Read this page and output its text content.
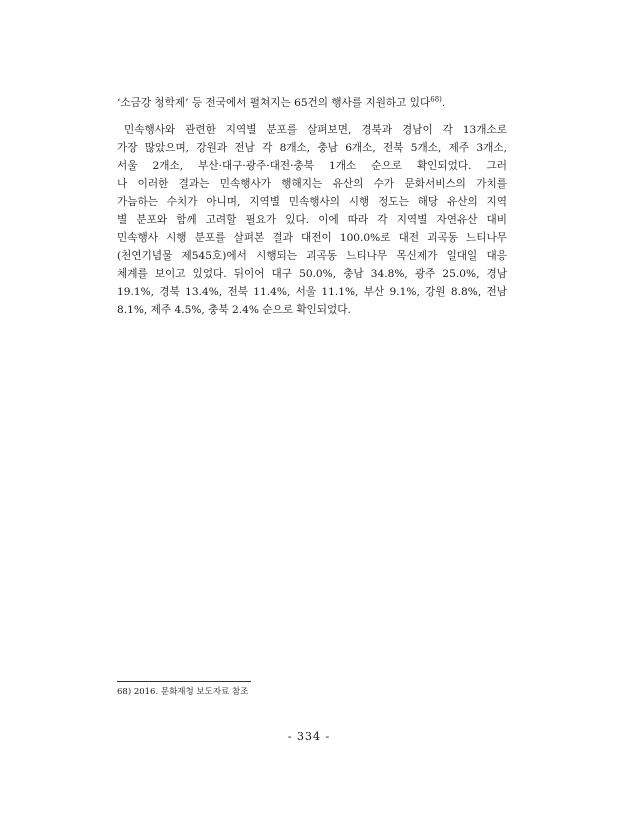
‘소금강 청학제’ 등 전국에서 펼쳐지는 65건의 행사를 지원하고 있다$^{68)}$.
민속행사와 관련한 지역별 분포를 살펴보면, 경북과 경남이 각 13개소로
가장 많았으며, 강원과 전남 각 8개소, 충남 6개소, 전북 5개소, 제주 3개소,
서울 2개소, 부산·대구·광주·대전·충북 1개소 순으로 확인되었다. 그러
나 이러한 결과는 민속행사가 행해지는 유산의 수가 문화서비스의 가치를
가늠하는 수치가 아니며, 지역별 민속행사의 시행 정도는 해당 유산의 지역
별 분포와 함께 고려할 필요가 있다. 이에 따라 각 지역별 자연유산 대비
민속행사 시행 분포를 살펴본 결과 대전이 100.0%로 대전 괴곡동 느티나무
(천연기념물 제545호)에서 시행되는 괴곡동 느티나무 목신제가 일대일 대응
체계를 보이고 있었다. 뒤이어 대구 50.0%, 충남 34.8%, 광주 25.0%, 경남
19.1%, 경북 13.4%, 전북 11.4%, 서울 11.1%, 부산 9.1%, 강원 8.8%, 전남
8.1%, 제주 4.5%, 충북 2.4% 순으로 확인되었다.
68) 2016. 문화재청 보도자료 참조
- 334 -
